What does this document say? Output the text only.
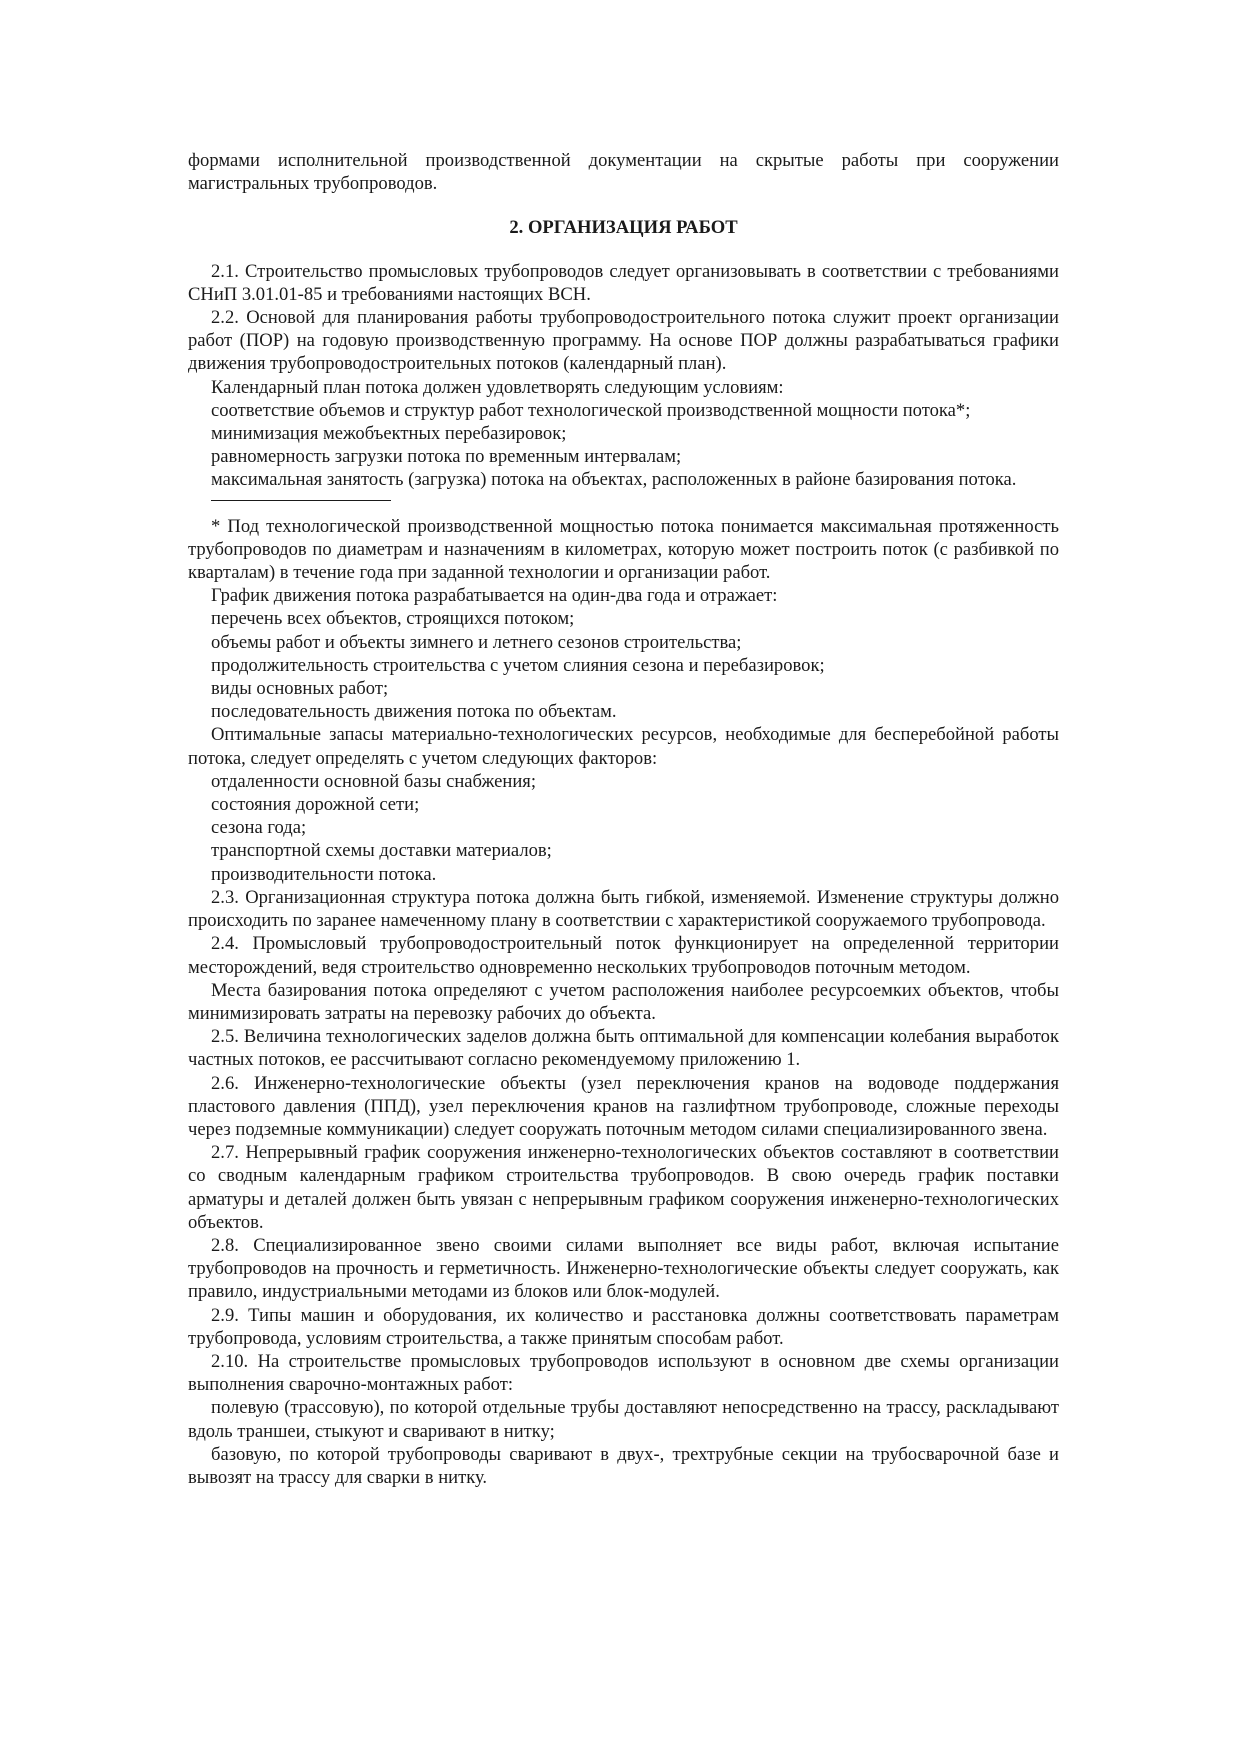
формами исполнительной производственной документации на скрытые работы при сооружении магистральных трубопроводов.

2. ОРГАНИЗАЦИЯ РАБОТ

2.1. Строительство промысловых трубопроводов следует организовывать в соответствии с требованиями СНиП 3.01.01-85 и требованиями настоящих ВСН.

2.2. Основой для планирования работы трубопроводостроительного потока служит проект организации работ (ПОР) на годовую производственную программу. На основе ПОР должны разрабатываться графики движения трубопроводостроительных потоков (календарный план).

Календарный план потока должен удовлетворять следующим условиям:

соответствие объемов и структур работ технологической производственной мощности потока*;

минимизация межобъектных перебазировок;

равномерность загрузки потока по временным интервалам;

максимальная занятость (загрузка) потока на объектах, расположенных в районе базирования потока.

* Под технологической производственной мощностью потока понимается максимальная протяженность трубопроводов по диаметрам и назначениям в километрах, которую может построить поток (с разбивкой по кварталам) в течение года при заданной технологии и организации работ.

График движения потока разрабатывается на один-два года и отражает:

перечень всех объектов, строящихся потоком;

объемы работ и объекты зимнего и летнего сезонов строительства;

продолжительность строительства с учетом слияния сезона и перебазировок;

виды основных работ;

последовательность движения потока по объектам.

Оптимальные запасы материально-технологических ресурсов, необходимые для бесперебойной работы потока, следует определять с учетом следующих факторов:

отдаленности основной базы снабжения;

состояния дорожной сети;

сезона года;

транспортной схемы доставки материалов;

производительности потока.

2.3. Организационная структура потока должна быть гибкой, изменяемой. Изменение структуры должно происходить по заранее намеченному плану в соответствии с характеристикой сооружаемого трубопровода.

2.4. Промысловый трубопроводостроительный поток функционирует на определенной территории месторождений, ведя строительство одновременно нескольких трубопроводов поточным методом.

Места базирования потока определяют с учетом расположения наиболее ресурсоемких объектов, чтобы минимизировать затраты на перевозку рабочих до объекта.

2.5. Величина технологических заделов должна быть оптимальной для компенсации колебания выработок частных потоков, ее рассчитывают согласно рекомендуемому приложению 1.

2.6. Инженерно-технологические объекты (узел переключения кранов на водоводе поддержания пластового давления (ППД), узел переключения кранов на газлифтном трубопроводе, сложные переходы через подземные коммуникации) следует сооружать поточным методом силами специализированного звена.

2.7. Непрерывный график сооружения инженерно-технологических объектов составляют в соответствии со сводным календарным графиком строительства трубопроводов. В свою очередь график поставки арматуры и деталей должен быть увязан с непрерывным графиком сооружения инженерно-технологических объектов.

2.8. Специализированное звено своими силами выполняет все виды работ, включая испытание трубопроводов на прочность и герметичность. Инженерно-технологические объекты следует сооружать, как правило, индустриальными методами из блоков или блок-модулей.

2.9. Типы машин и оборудования, их количество и расстановка должны соответствовать параметрам трубопровода, условиям строительства, а также принятым способам работ.

2.10. На строительстве промысловых трубопроводов используют в основном две схемы организации выполнения сварочно-монтажных работ:

полевую (трассовую), по которой отдельные трубы доставляют непосредственно на трассу, раскладывают вдоль траншеи, стыкуют и сваривают в нитку;

базовую, по которой трубопроводы сваривают в двух-, трехтрубные секции на трубосварочной базе и вывозят на трассу для сварки в нитку.
